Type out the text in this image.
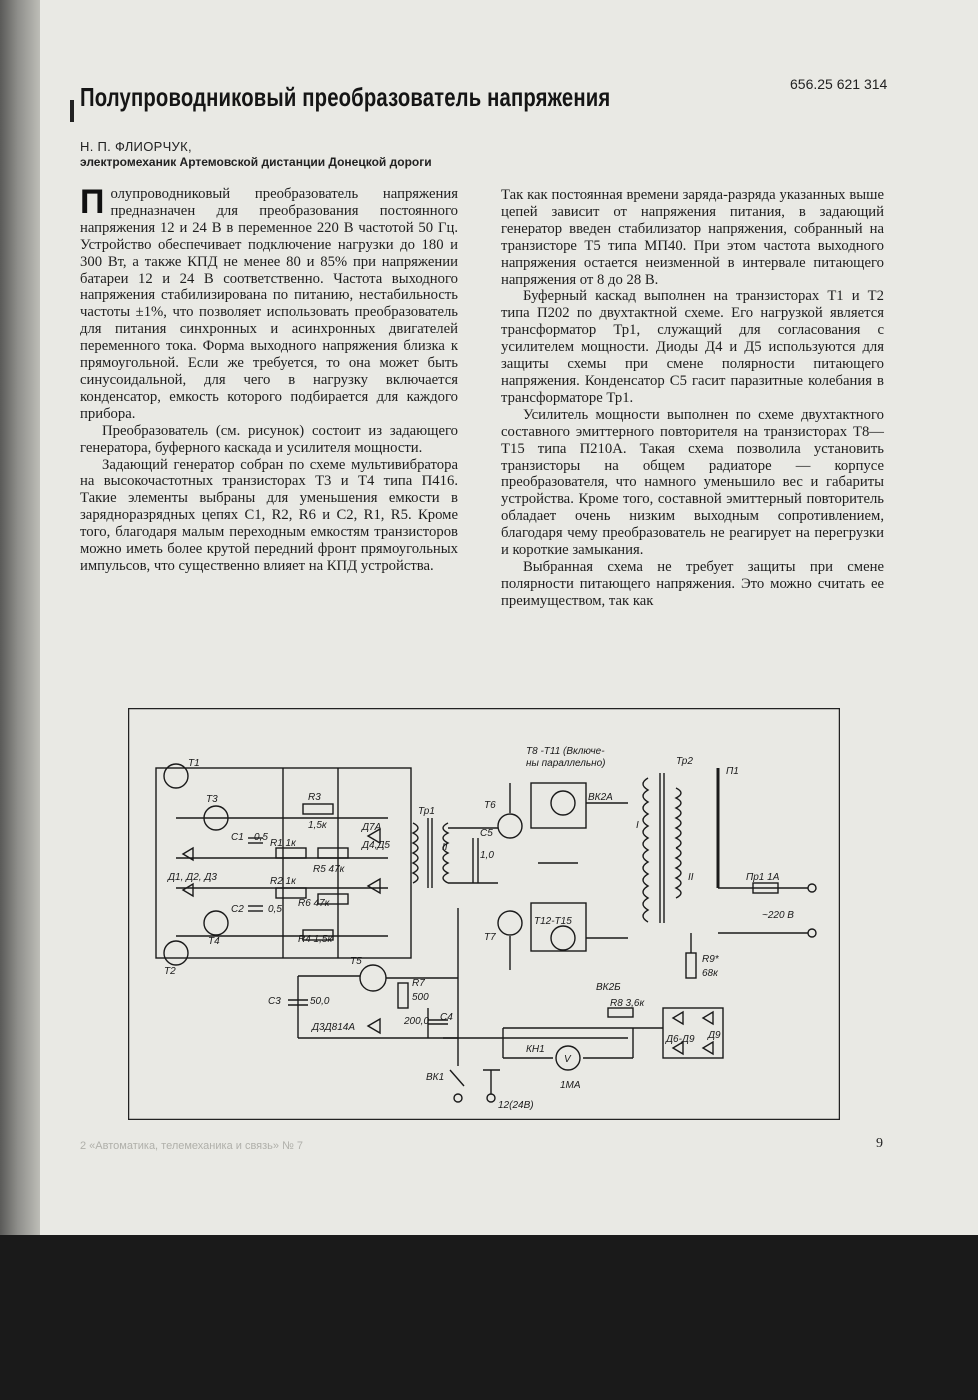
656.25 621 314
Полупроводниковый преобразователь напряжения
Н. П. ФЛИОРЧУК,
электромеханик Артемовской дистанции Донецкой дороги

Полупроводниковый преобразователь напряжения предназначен для преобразования постоянного напряжения 12 и 24 В в переменное 220 В частотой 50 Гц. Устройство обеспечивает подключение нагрузки до 180 и 300 Вт, а также КПД не менее 80 и 85% при напряжении батареи 12 и 24 В соответственно. Частота выходного напряжения стабилизирована по питанию, нестабильность частоты ±1%, что позволяет использовать преобразователь для питания синхронных и асинхронных двигателей переменного тока. Форма выходного напряжения близка к прямоугольной. Если же требуется, то она может быть синусоидальной, для чего в нагрузку включается конденсатор, емкость которого подбирается для каждого прибора.

Преобразователь (см. рисунок) состоит из задающего генератора, буферного каскада и усилителя мощности.

Задающий генератор собран по схеме мультивибратора на высокочастотных транзисторах Т3 и Т4 типа П416. Такие элементы выбраны для уменьшения емкости в зарядноразрядных цепях С1, R2, R6 и С2, R1, R5. Кроме того, благодаря малым переходным емкостям транзисторов можно иметь более крутой передний фронт прямоугольных импульсов, что существенно влияет на КПД устройства.

Так как постоянная времени заряда-разряда указанных выше цепей зависит от напряжения питания, в задающий генератор введен стабилизатор напряжения, собранный на транзисторе Т5 типа МП40. При этом частота выходного напряжения остается неизменной в интервале питающего напряжения от 8 до 28 В.

Буферный каскад выполнен на транзисторах Т1 и Т2 типа П202 по двухтактной схеме. Его нагрузкой является трансформатор Тр1, служащий для согласования с усилителем мощности. Диоды Д4 и Д5 используются для защиты схемы при смене полярности питающего напряжения. Конденсатор С5 гасит паразитные колебания в трансформаторе Тр1.

Усилитель мощности выполнен по схеме двухтактного составного эмиттерного повторителя на транзисторах Т8—Т15 типа П210А. Такая схема позволила установить транзисторы на общем радиаторе — корпусе преобразователя, что намного уменьшило вес и габариты устройства. Кроме того, составной эмиттерный повторитель обладает очень низким выходным сопротивлением, благодаря чему преобразователь не реагирует на перегрузки и короткие замыкания.

Выбранная схема не требует защиты при смене полярности питающего напряжения. Это можно считать ее преимуществом, так как

Т1
Т3
Т4
Т2
R3
1,5к
R1 1к
R5 47к
R2 1к
R6 47к
R4 1,5к
C1 0,5
C2 0,5
Д1, Д2, Д3
Д7А
Д4,Д5
Тр1
II
C5
1,0
Т6
Т7
Т8 -Т11 (Включе-
ны параллельно)
Т12-Т15
ВК2А
ВК2Б
Тр2
I
II
П1
Пр1 1А
~220 В
R9*
68к
R8 3,6к
C3	50,0
Т5
R7
500
C4
200,0
Д3Д814А
Д6-Д9 Д9
КН1
V
1МА
ВК1
12(24В)
2 «Автоматика, телемеханика и связь» № 7	9
